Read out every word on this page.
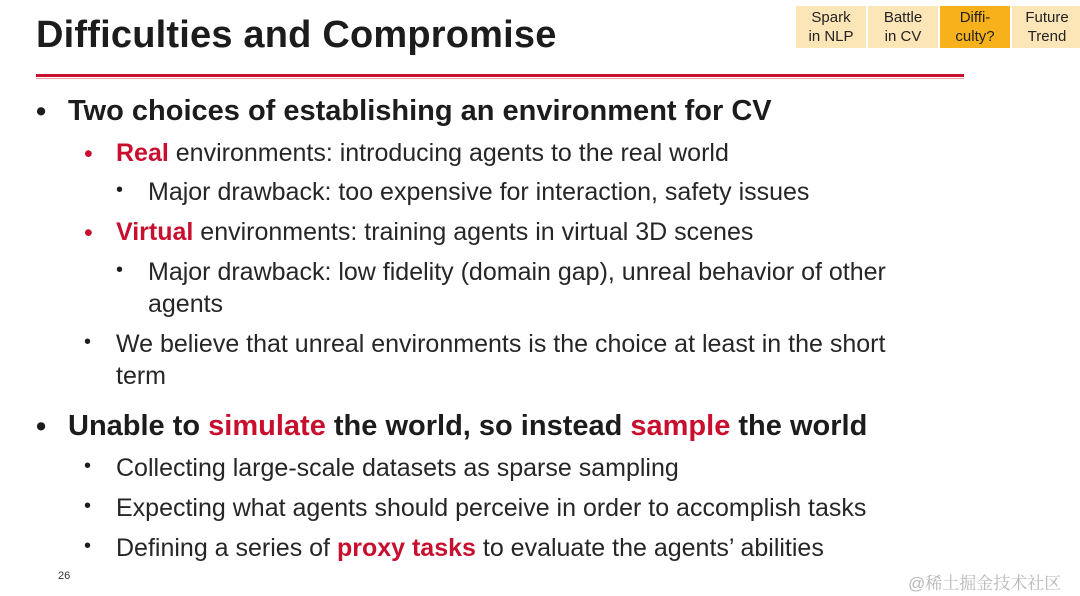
Difficulties and Compromise	Spark
in NLP
Battle
in CV
Diffi-
culty?
Future
Trend
• Two choices of establishing an environment for CV
• Real environments: introducing agents to the real world
• Major drawback: too expensive for interaction, safety issues
• Virtual environments: training agents in virtual 3D scenes
• Major drawback: low fidelity (domain gap), unreal behavior of other
agents
• We believe that unreal environments is the choice at least in the short
term
• Unable to simulate the world, so instead sample the world
• Collecting large-scale datasets as sparse sampling
• Expecting what agents should perceive in order to accomplish tasks
• Defining a series of proxy tasks to evaluate the agents’ abilities
26	@稀土掘金技术社区
